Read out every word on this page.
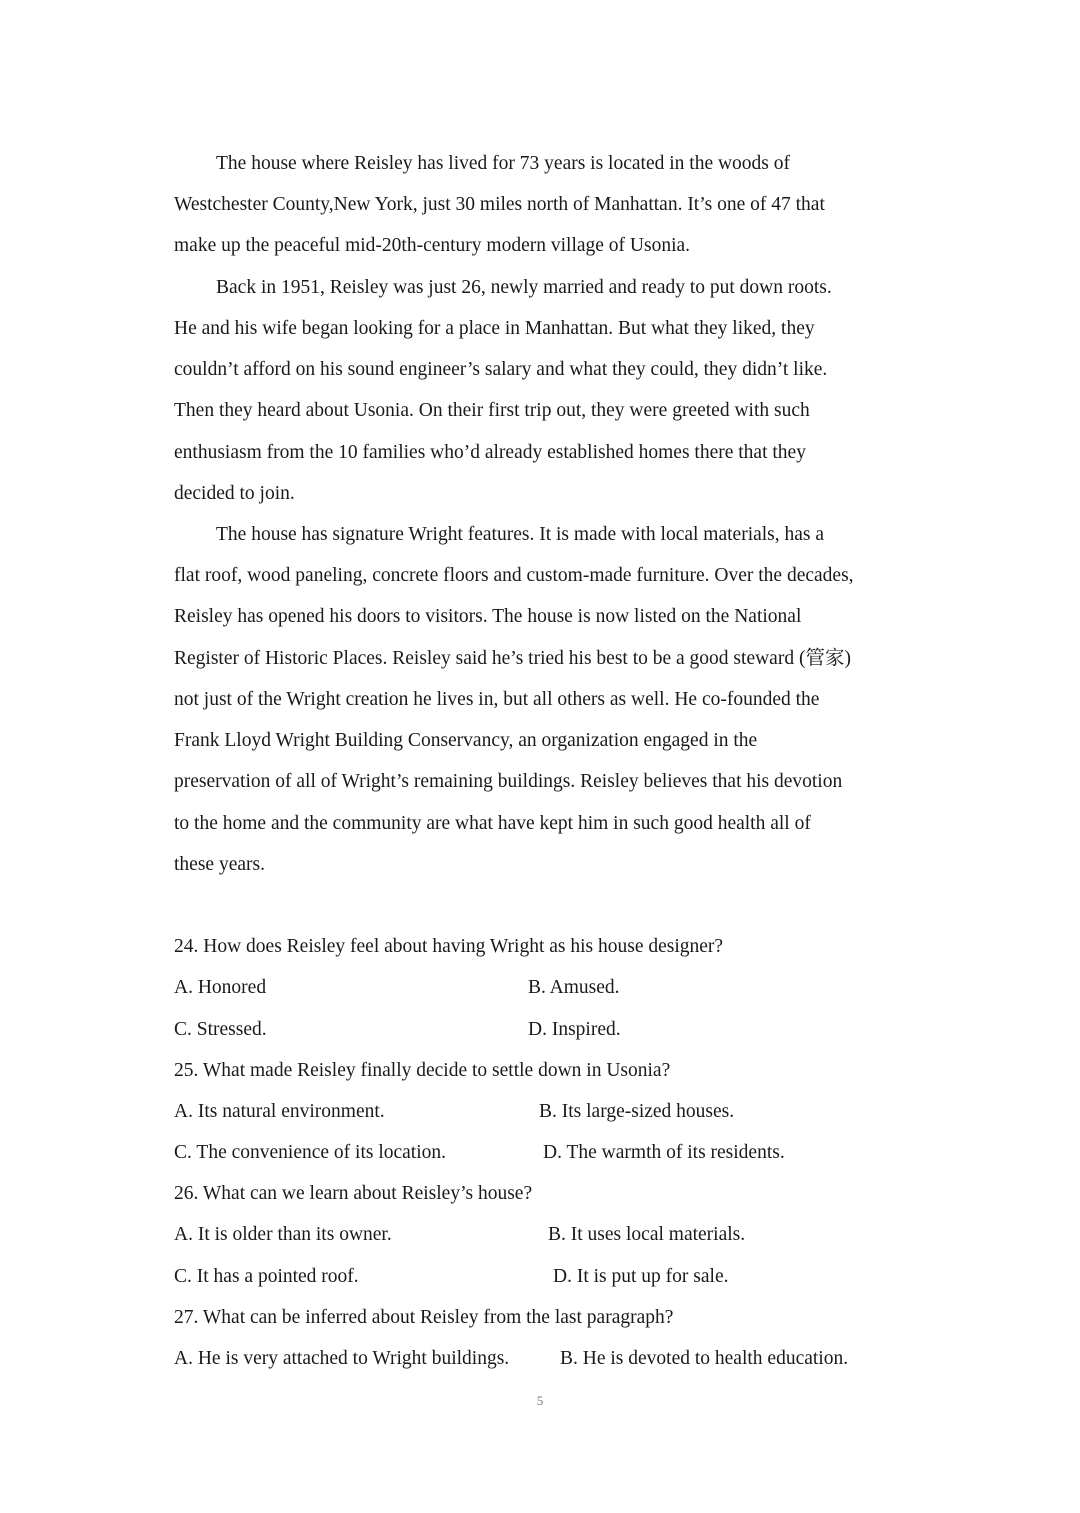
The house where Reisley has lived for 73 years is located in the woods of
Westchester County,New York, just 30 miles north of Manhattan. It’s one of 47 that
make up the peaceful mid-20th-century modern village of Usonia.
Back in 1951, Reisley was just 26, newly married and ready to put down roots.
He and his wife began looking for a place in Manhattan. But what they liked, they
couldn’t afford on his sound engineer’s salary and what they could, they didn’t like.
Then they heard about Usonia. On their first trip out, they were greeted with such
enthusiasm from the 10 families who’d already established homes there that they
decided to join.
The house has signature Wright features. It is made with local materials, has a
flat roof, wood paneling, concrete floors and custom-made furniture. Over the decades,
Reisley has opened his doors to visitors. The house is now listed on the National
Register of Historic Places. Reisley said he’s tried his best to be a good steward (管家)
not just of the Wright creation he lives in, but all others as well. He co-founded the
Frank Lloyd Wright Building Conservancy, an organization engaged in the
preservation of all of Wright’s remaining buildings. Reisley believes that his devotion
to the home and the community are what have kept him in such good health all of
these years.
24. How does Reisley feel about having Wright as his house designer?
A. Honored	B. Amused.
C. Stressed.	D. Inspired.
25. What made Reisley finally decide to settle down in Usonia?
A. Its natural environment.	B. Its large-sized houses.
C. The convenience of its location.	D. The warmth of its residents.
26. What can we learn about Reisley’s house?
A. It is older than its owner.	B. It uses local materials.
C. It has a pointed roof.	D. It is put up for sale.
27. What can be inferred about Reisley from the last paragraph?
A. He is very attached to Wright buildings.	B. He is devoted to health education.
5
